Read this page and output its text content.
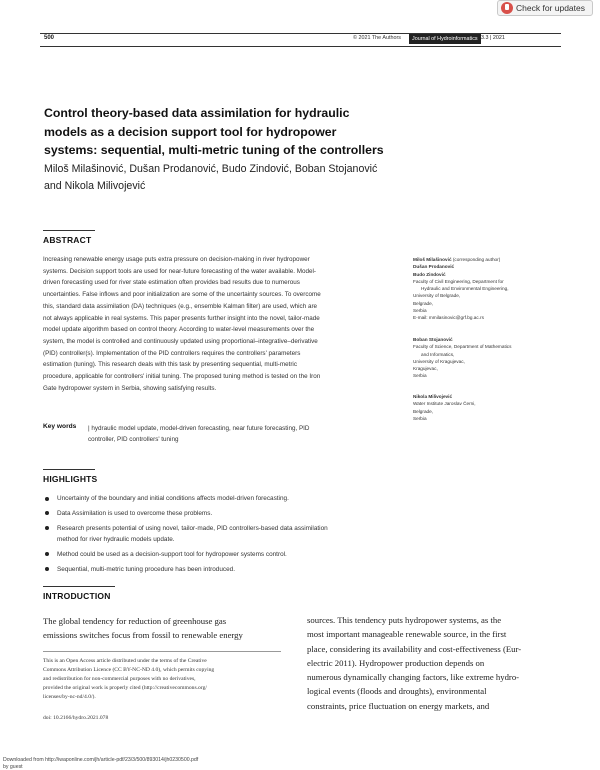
Check for updates
500	© 2021 The Authors	Journal of Hydroinformatics 23.3 | 2021
Control theory-based data assimilation for hydraulic
models as a decision support tool for hydropower
systems: sequential, multi-metric tuning of the controllers
Miloš Milašinović, Dušan Prodanović, Budo Zindović, Boban Stojanović
and Nikola Milivojević
ABSTRACT
Increasing renewable energy usage puts extra pressure on decision-making in river hydropower
systems. Decision support tools are used for near-future forecasting of the water available. Model-
driven forecasting used for river state estimation often provides bad results due to numerous
uncertainties. False inflows and poor initialization are some of the uncertainty sources. To overcome
this, standard data assimilation (DA) techniques (e.g., ensemble Kalman filter) are used, which are
not always applicable in real systems. This paper presents further insight into the novel, tailor-made
model update algorithm based on control theory. According to water-level measurements over the
system, the model is controlled and continuously updated using proportional–integrative–derivative
(PID) controller(s). Implementation of the PID controllers requires the controllers' parameters
estimation (tuning). This research deals with this task by presenting sequential, multi-metric
procedure, applicable for controllers' initial tuning. The proposed tuning method is tested on the Iron
Gate hydropower system in Serbia, showing satisfying results.
Key words | hydraulic model update, model-driven forecasting, near future forecasting, PID
controller, PID controllers' tuning
Miloš Milašinović (corresponding author)
Dušan Prodanović
Budo Zindović
Faculty of Civil Engineering, Department for
Hydraulic and Environmental Engineering,
University of Belgrade,
Belgrade,
Serbia
E-mail: mmilasinovic@grf.bg.ac.rs
Boban Stojanović
Faculty of Science, Department of Mathematics
and Informatics,
University of Kragujevac,
Kragujevac,
Serbia
Nikola Milivojević
Water Institute Jaroslav Černi,
Belgrade,
Serbia
HIGHLIGHTS
Uncertainty of the boundary and initial conditions affects model-driven forecasting.
Data Assimilation is used to overcome these problems.
Research presents potential of using novel, tailor-made, PID controllers-based data assimilation
method for river hydraulic models update.
Method could be used as a decision-support tool for hydropower systems control.
Sequential, multi-metric tuning procedure has been introduced.
INTRODUCTION
The global tendency for reduction of greenhouse gas
emissions switches focus from fossil to renewable energy
sources. This tendency puts hydropower systems, as the
most important manageable renewable source, in the first
place, considering its availability and cost-effectiveness (Eur-
electric 2011). Hydropower production depends on
numerous dynamically changing factors, like extreme hydro-
logical events (floods and droughts), environmental
constraints, price fluctuation on energy markets, and
This is an Open Access article distributed under the terms of the Creative
Commons Attribution Licence (CC BY-NC-ND 4.0), which permits copying
and redistribution for non-commercial purposes with no derivatives,
provided the original work is properly cited (http://creativecommons.org/
licenses/by-nc-nd/4.0/).
doi: 10.2166/hydro.2021.078
Downloaded from http://iwaponline.com/jh/article-pdf/23/3/500/893014/jh0230500.pdf
by guest
